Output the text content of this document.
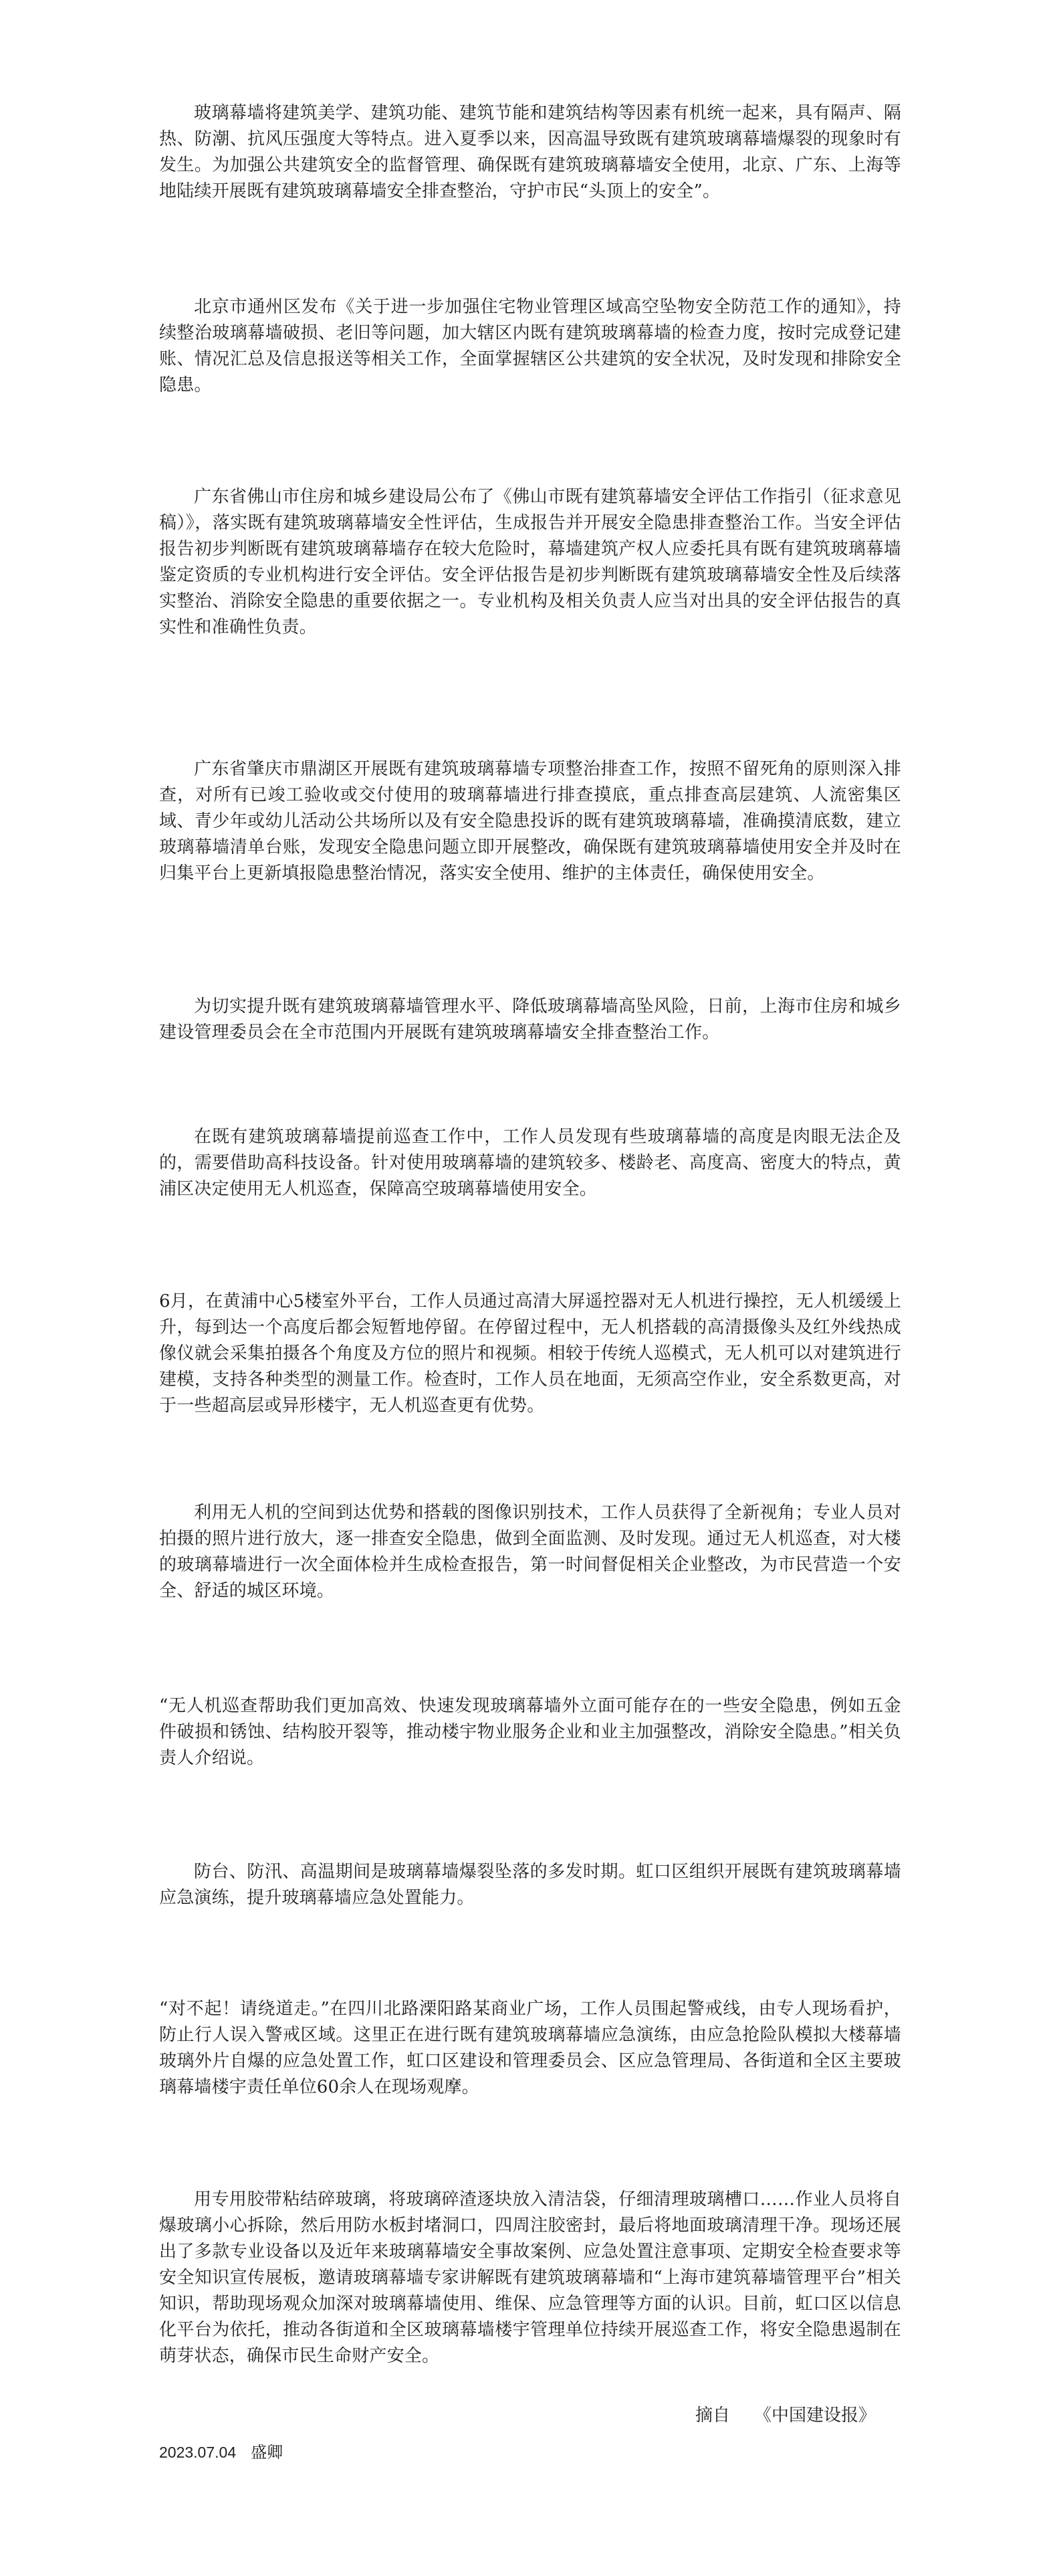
玻璃幕墙将建筑美学、建筑功能、建筑节能和建筑结构等因素有机统一起来，具有隔声、隔热、防潮、抗风压强度大等特点。进入夏季以来，因高温导致既有建筑玻璃幕墙爆裂的现象时有发生。为加强公共建筑安全的监督管理、确保既有建筑玻璃幕墙安全使用，北京、广东、上海等地陆续开展既有建筑玻璃幕墙安全排查整治，守护市民“头顶上的安全”。

北京市通州区发布《关于进一步加强住宅物业管理区域高空坠物安全防范工作的通知》，持续整治玻璃幕墙破损、老旧等问题，加大辖区内既有建筑玻璃幕墙的检查力度，按时完成登记建账、情况汇总及信息报送等相关工作，全面掌握辖区公共建筑的安全状况，及时发现和排除安全隐患。

广东省佛山市住房和城乡建设局公布了《佛山市既有建筑幕墙安全评估工作指引（征求意见稿）》，落实既有建筑玻璃幕墙安全性评估，生成报告并开展安全隐患排查整治工作。当安全评估报告初步判断既有建筑玻璃幕墙存在较大危险时，幕墙建筑产权人应委托具有既有建筑玻璃幕墙鉴定资质的专业机构进行安全评估。安全评估报告是初步判断既有建筑玻璃幕墙安全性及后续落实整治、消除安全隐患的重要依据之一。专业机构及相关负责人应当对出具的安全评估报告的真实性和准确性负责。

广东省肇庆市鼎湖区开展既有建筑玻璃幕墙专项整治排查工作，按照不留死角的原则深入排查，对所有已竣工验收或交付使用的玻璃幕墙进行排查摸底，重点排查高层建筑、人流密集区域、青少年或幼儿活动公共场所以及有安全隐患投诉的既有建筑玻璃幕墙，准确摸清底数，建立玻璃幕墙清单台账，发现安全隐患问题立即开展整改，确保既有建筑玻璃幕墙使用安全并及时在归集平台上更新填报隐患整治情况，落实安全使用、维护的主体责任，确保使用安全。

为切实提升既有建筑玻璃幕墙管理水平、降低玻璃幕墙高坠风险，日前，上海市住房和城乡建设管理委员会在全市范围内开展既有建筑玻璃幕墙安全排查整治工作。

在既有建筑玻璃幕墙提前巡查工作中，工作人员发现有些玻璃幕墙的高度是肉眼无法企及的，需要借助高科技设备。针对使用玻璃幕墙的建筑较多、楼龄老、高度高、密度大的特点，黄浦区决定使用无人机巡查，保障高空玻璃幕墙使用安全。

6月，在黄浦中心5楼室外平台，工作人员通过高清大屏遥控器对无人机进行操控，无人机缓缓上升，每到达一个高度后都会短暂地停留。在停留过程中，无人机搭载的高清摄像头及红外线热成像仪就会采集拍摄各个角度及方位的照片和视频。相较于传统人巡模式，无人机可以对建筑进行建模，支持各种类型的测量工作。检查时，工作人员在地面，无须高空作业，安全系数更高，对于一些超高层或异形楼宇，无人机巡查更有优势。

利用无人机的空间到达优势和搭载的图像识别技术，工作人员获得了全新视角；专业人员对拍摄的照片进行放大，逐一排查安全隐患，做到全面监测、及时发现。通过无人机巡查，对大楼的玻璃幕墙进行一次全面体检并生成检查报告，第一时间督促相关企业整改，为市民营造一个安全、舒适的城区环境。

“无人机巡查帮助我们更加高效、快速发现玻璃幕墙外立面可能存在的一些安全隐患，例如五金件破损和锈蚀、结构胶开裂等，推动楼宇物业服务企业和业主加强整改，消除安全隐患。”相关负责人介绍说。

防台、防汛、高温期间是玻璃幕墙爆裂坠落的多发时期。虹口区组织开展既有建筑玻璃幕墙应急演练，提升玻璃幕墙应急处置能力。

“对不起！请绕道走。”在四川北路溧阳路某商业广场，工作人员围起警戒线，由专人现场看护，防止行人误入警戒区域。这里正在进行既有建筑玻璃幕墙应急演练，由应急抢险队模拟大楼幕墙玻璃外片自爆的应急处置工作，虹口区建设和管理委员会、区应急管理局、各街道和全区主要玻璃幕墙楼宇责任单位60余人在现场观摩。

用专用胶带粘结碎玻璃，将玻璃碎渣逐块放入清洁袋，仔细清理玻璃槽口……作业人员将自爆玻璃小心拆除，然后用防水板封堵洞口，四周注胶密封，最后将地面玻璃清理干净。现场还展出了多款专业设备以及近年来玻璃幕墙安全事故案例、应急处置注意事项、定期安全检查要求等安全知识宣传展板，邀请玻璃幕墙专家讲解既有建筑玻璃幕墙和“上海市建筑幕墙管理平台”相关知识，帮助现场观众加深对玻璃幕墙使用、维保、应急管理等方面的认识。目前，虹口区以信息化平台为依托，推动各街道和全区玻璃幕墙楼宇管理单位持续开展巡查工作，将安全隐患遏制在萌芽状态，确保市民生命财产安全。

摘自 《中国建设报》
2023.07.04 盛卿
